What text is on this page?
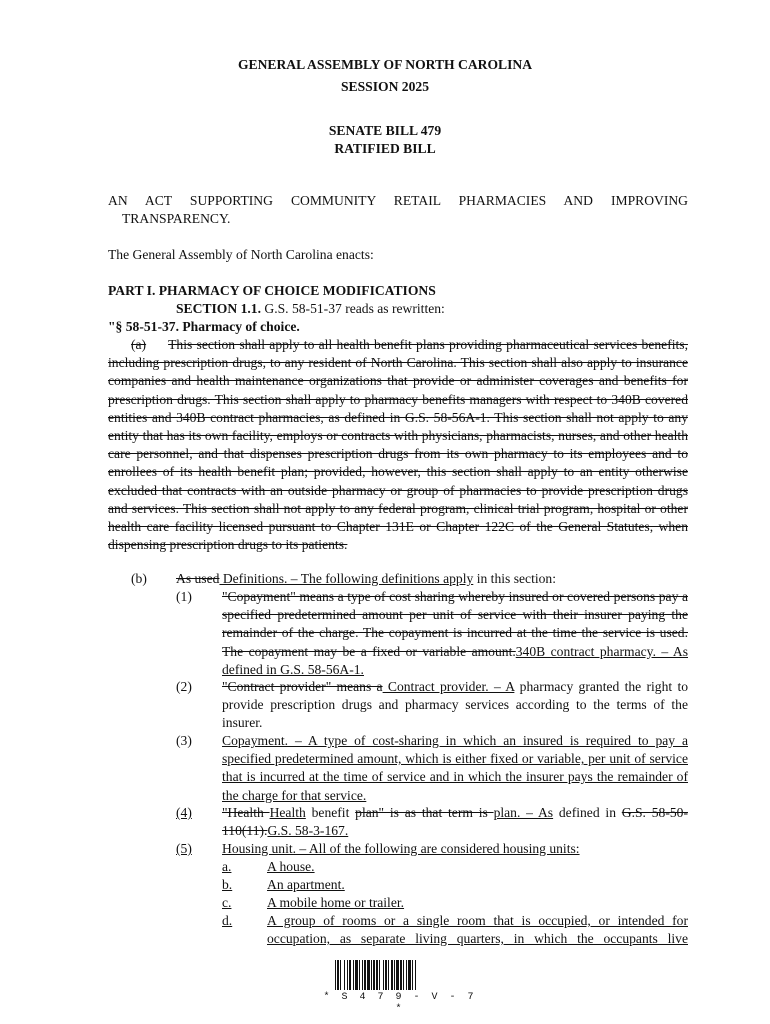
GENERAL ASSEMBLY OF NORTH CAROLINA
SESSION 2025
SENATE BILL 479
RATIFIED BILL
AN ACT SUPPORTING COMMUNITY RETAIL PHARMACIES AND IMPROVING
TRANSPARENCY.
The General Assembly of North Carolina enacts:
PART I. PHARMACY OF CHOICE MODIFICATIONS
SECTION 1.1. G.S. 58-51-37 reads as rewritten:
"§ 58-51-37. Pharmacy of choice.
(a) This section shall apply to all health benefit plans providing pharmaceutical services benefits, including prescription drugs, to any resident of North Carolina. This section shall also apply to insurance companies and health maintenance organizations that provide or administer coverages and benefits for prescription drugs. This section shall apply to pharmacy benefits managers with respect to 340B covered entities and 340B contract pharmacies, as defined in G.S. 58-56A-1. This section shall not apply to any entity that has its own facility, employs or contracts with physicians, pharmacists, nurses, and other health care personnel, and that dispenses prescription drugs from its own pharmacy to its employees and to enrollees of its health benefit plan; provided, however, this section shall apply to an entity otherwise excluded that contracts with an outside pharmacy or group of pharmacies to provide prescription drugs and services. This section shall not apply to any federal program, clinical trial program, hospital or other health care facility licensed pursuant to Chapter 131E or Chapter 122C of the General Statutes, when dispensing prescription drugs to its patients.
(b) As used Definitions. – The following definitions apply in this section:
(1) "Copayment" means a type of cost sharing whereby insured or covered persons pay a specified predetermined amount per unit of service with their insurer paying the remainder of the charge. The copayment is incurred at the time the service is used. The copayment may be a fixed or variable amount.340B contract pharmacy. – As defined in G.S. 58-56A-1.
(2) "Contract provider" means a Contract provider. – A pharmacy granted the right to provide prescription drugs and pharmacy services according to the terms of the insurer.
(3) Copayment. – A type of cost-sharing in which an insured is required to pay a specified predetermined amount, which is either fixed or variable, per unit of service that is incurred at the time of service and in which the insurer pays the remainder of the charge for that service.
(4) "Health Health benefit plan" is as that term is plan. – As defined in G.S. 58-50-110(11).G.S. 58-3-167.
(5) Housing unit. – All of the following are considered housing units:
a.	A house.
b.	An apartment.
c.	A mobile home or trailer.
d.	A group of rooms or a single room that is occupied, or intended for occupation, as separate living quarters, in which the occupants live
* S 4 7 9 - V - 7 *
